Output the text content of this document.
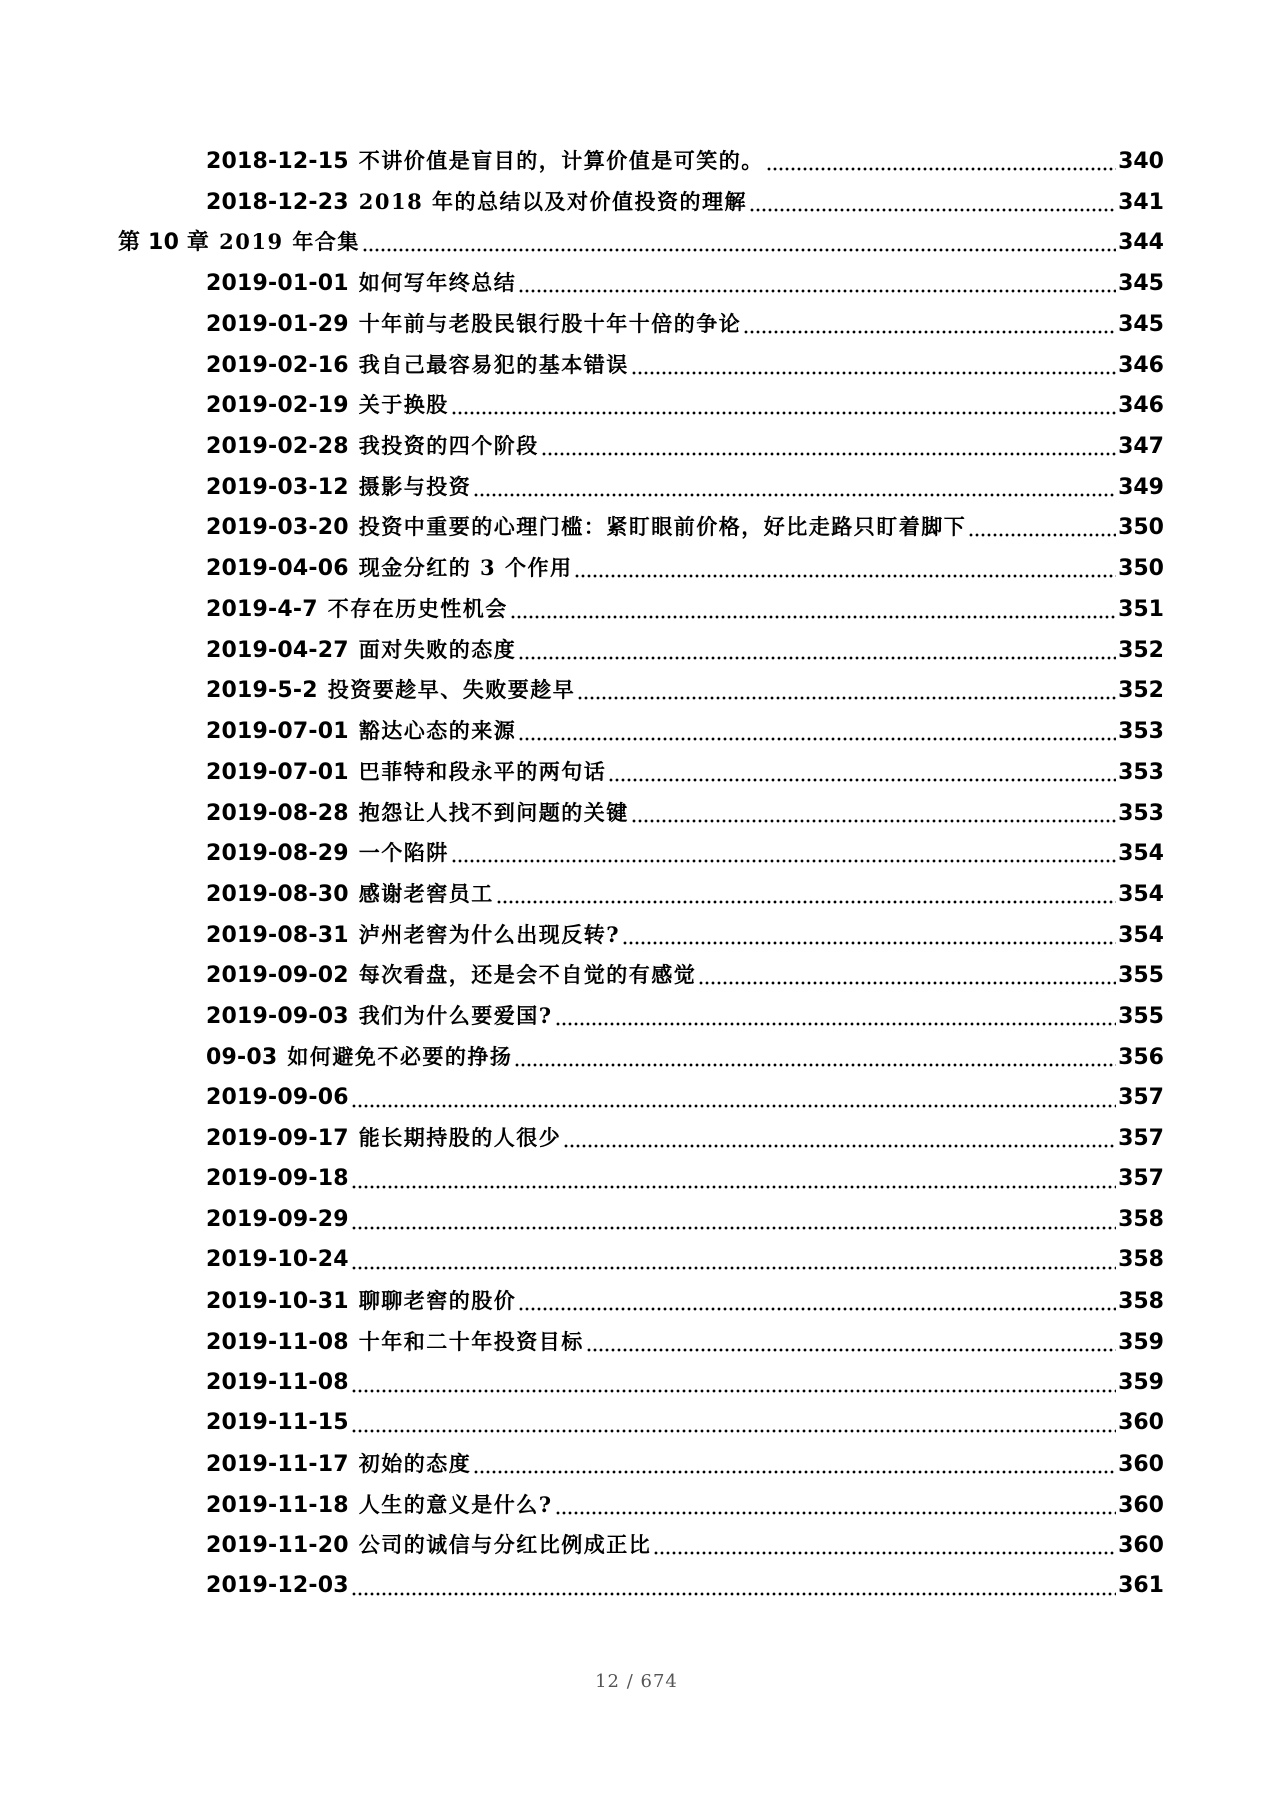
2018-12-15 不讲价值是盲目的，计算价值是可笑的。	340
2018-12-23 2018 年的总结以及对价值投资的理解	341
第 10 章 2019 年合集	344
2019-01-01 如何写年终总结	345
2019-01-29 十年前与老股民银行股十年十倍的争论	345
2019-02-16 我自己最容易犯的基本错误	346
2019-02-19 关于换股	346
2019-02-28 我投资的四个阶段	347
2019-03-12 摄影与投资	349
2019-03-20 投资中重要的心理门槛：紧盯眼前价格，好比走路只盯着脚下	350
2019-04-06 现金分红的 3 个作用	350
2019-4-7 不存在历史性机会	351
2019-04-27 面对失败的态度	352
2019-5-2 投资要趁早、失败要趁早	352
2019-07-01 豁达心态的来源	353
2019-07-01 巴菲特和段永平的两句话	353
2019-08-28 抱怨让人找不到问题的关键	353
2019-08-29 一个陷阱	354
2019-08-30 感谢老窖员工	354
2019-08-31 泸州老窖为什么出现反转?	354
2019-09-02 每次看盘，还是会不自觉的有感觉	355
2019-09-03 我们为什么要爱国?	355
09-03 如何避免不必要的挣扬	356
2019-09-06	357
2019-09-17 能长期持股的人很少	357
2019-09-18	357
2019-09-29	358
2019-10-24	358
2019-10-31 聊聊老窖的股价	358
2019-11-08 十年和二十年投资目标	359
2019-11-08	359
2019-11-15	360
2019-11-17 初始的态度	360
2019-11-18 人生的意义是什么?	360
2019-11-20 公司的诚信与分红比例成正比	360
2019-12-03	361
12 / 674
